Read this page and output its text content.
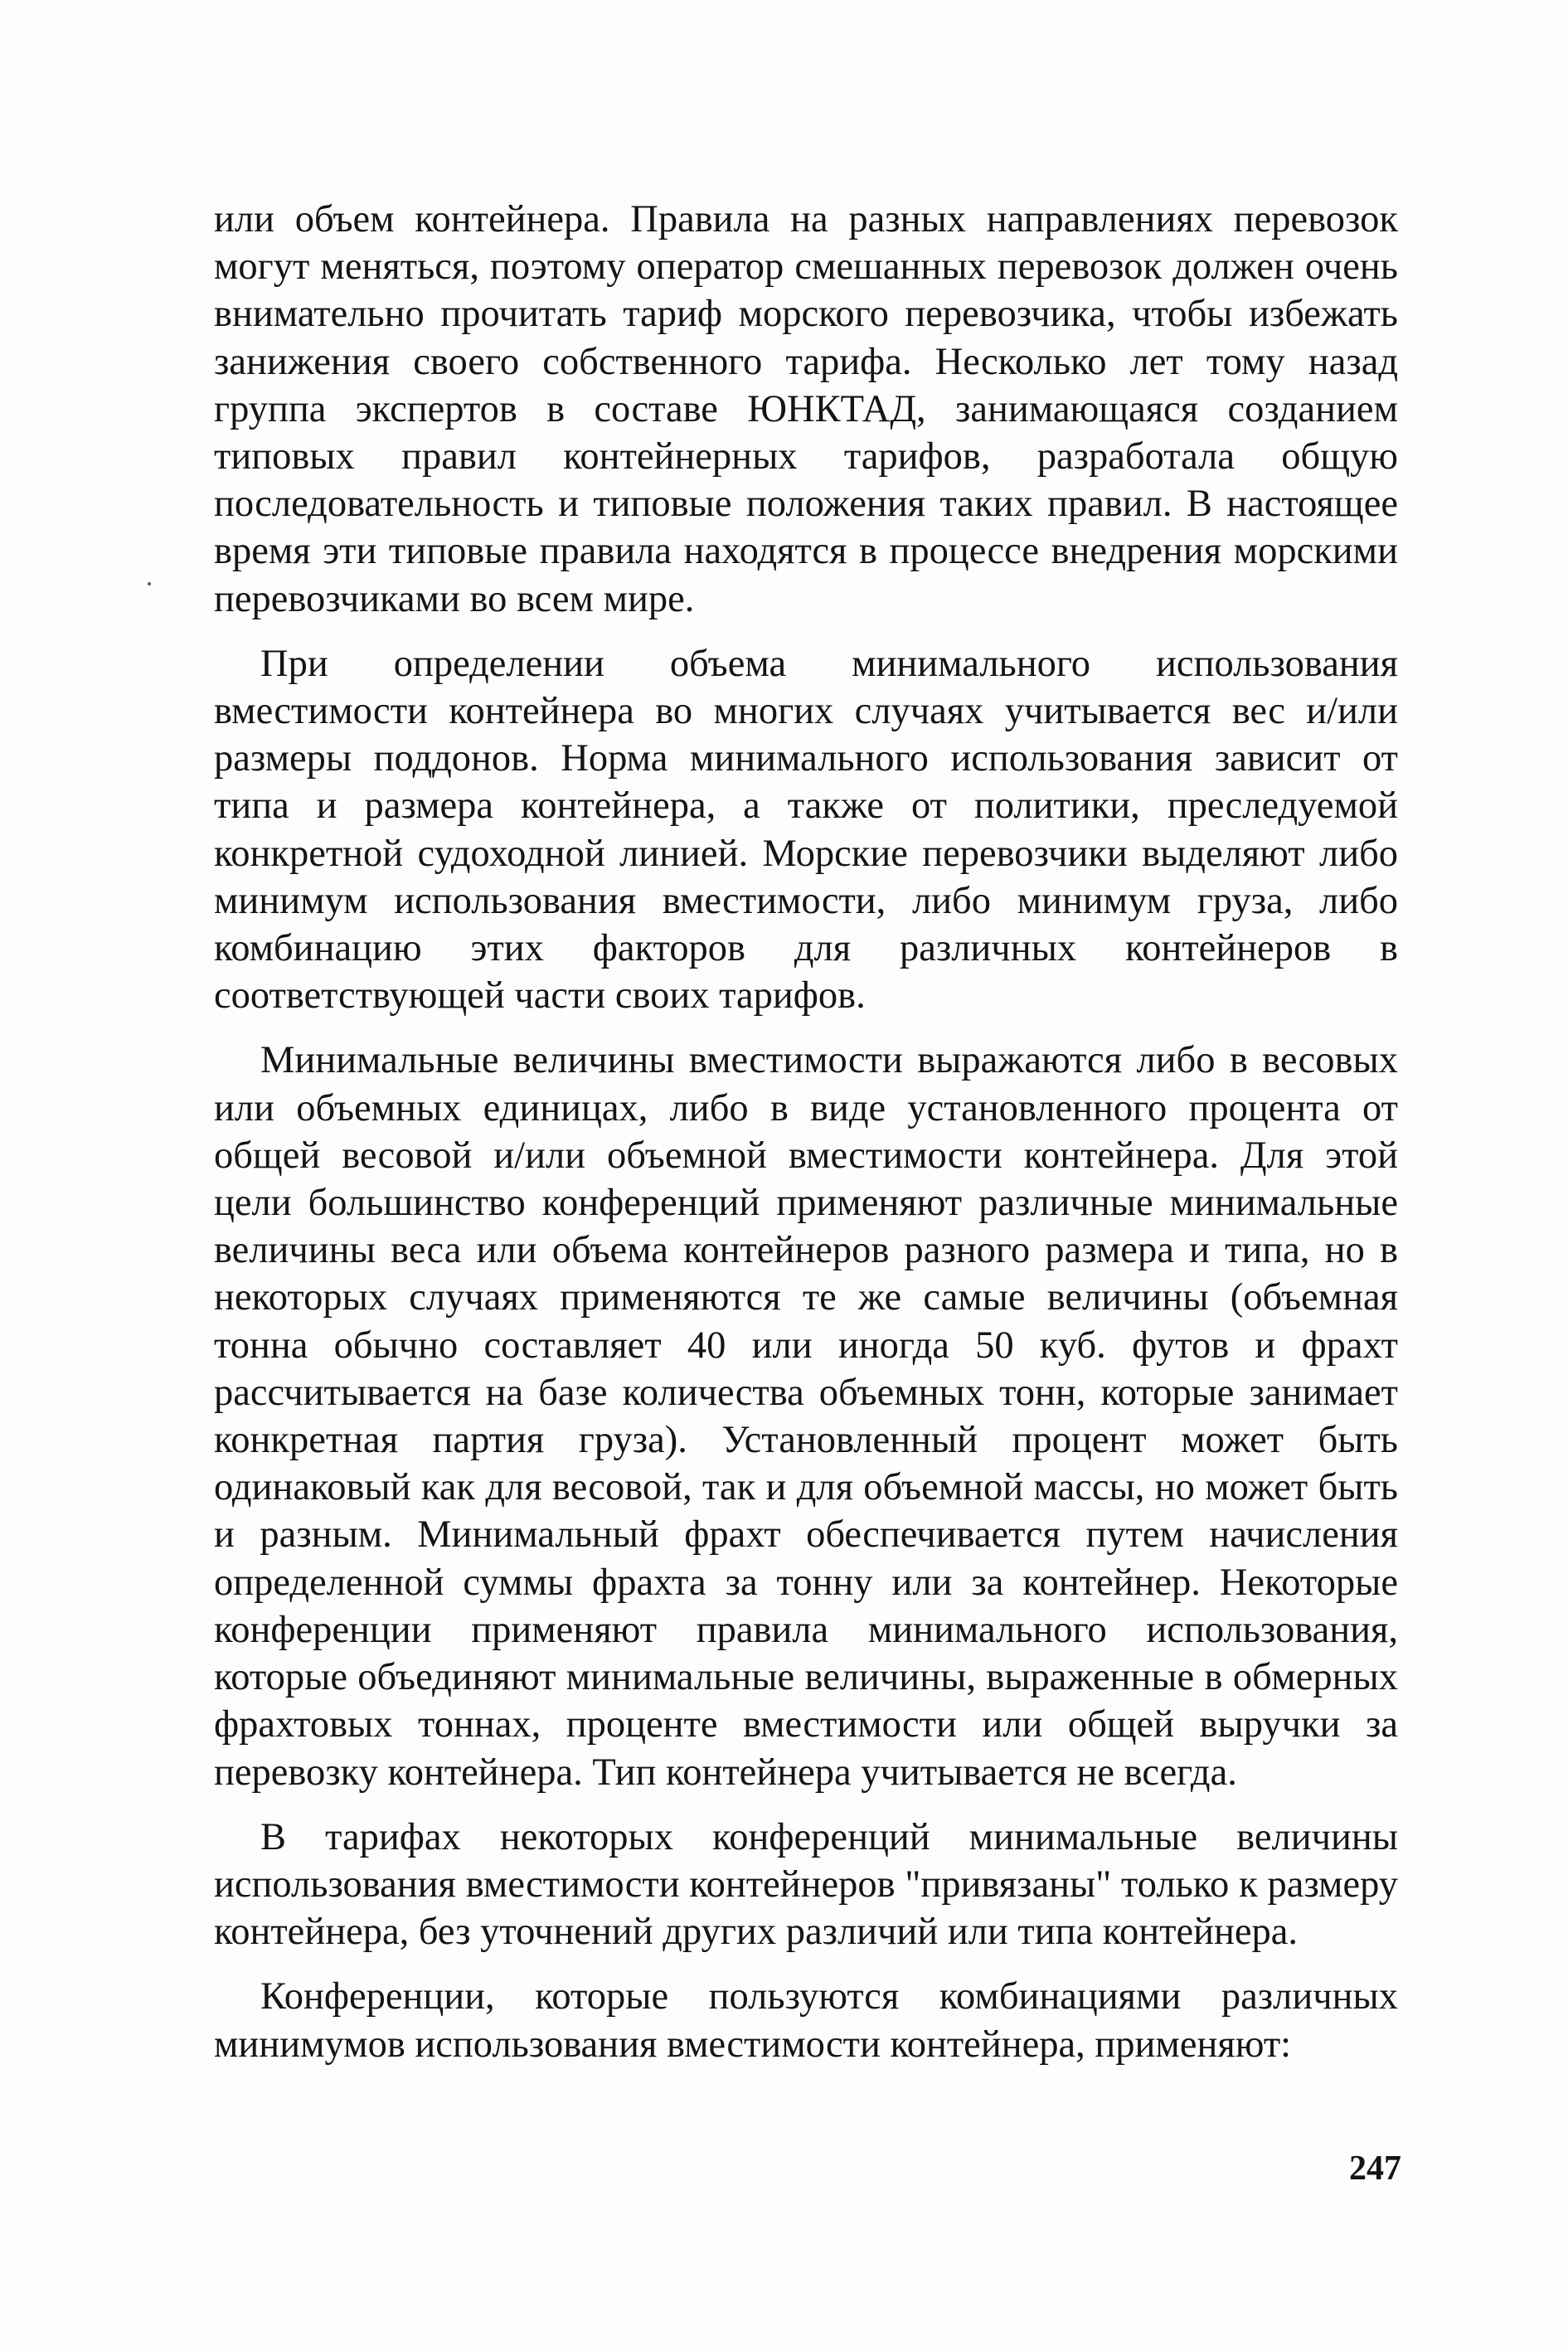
или объем контейнера. Правила на разных направлениях перевозок могут меняться, поэтому оператор смешанных перевозок должен очень внимательно прочитать тариф морского перевозчика, чтобы избежать занижения своего собственного тарифа. Несколько лет тому назад группа экспертов в составе ЮНКТАД, занимающаяся созданием типовых правил контейнерных тарифов, разработала общую последовательность и типовые положения таких правил. В настоящее время эти типовые правила находятся в процессе внедрения морскими перевозчиками во всем мире.

При определении объема минимального использования вместимости контейнера во многих случаях учитывается вес и/или размеры поддонов. Норма минимального использования зависит от типа и размера контейнера, а также от политики, преследуемой конкретной судоходной линией. Морские перевозчики выделяют либо минимум использования вместимости, либо минимум груза, либо комбинацию этих факторов для различных контейнеров в соответствующей части своих тарифов.

Минимальные величины вместимости выражаются либо в весовых или объемных единицах, либо в виде установленного процента от общей весовой и/или объемной вместимости контейнера. Для этой цели большинство конференций применяют различные минимальные величины веса или объема контейнеров разного размера и типа, но в некоторых случаях применяются те же самые величины (объемная тонна обычно составляет 40 или иногда 50 куб. футов и фрахт рассчитывается на базе количества объемных тонн, которые занимает конкретная партия груза). Установленный процент может быть одинаковый как для весовой, так и для объемной массы, но может быть и разным. Минимальный фрахт обеспечивается путем начисления определенной суммы фрахта за тонну или за контейнер. Некоторые конференции применяют правила минимального использования, которые объединяют минимальные величины, выраженные в обмерных фрахтовых тоннах, проценте вместимости или общей выручки за перевозку контейнера. Тип контейнера учитывается не всегда.

В тарифах некоторых конференций минимальные величины использования вместимости контейнеров "привязаны" только к размеру контейнера, без уточнений других различий или типа контейнера.

Конференции, которые пользуются комбинациями различных минимумов использования вместимости контейнера, применяют:

247
